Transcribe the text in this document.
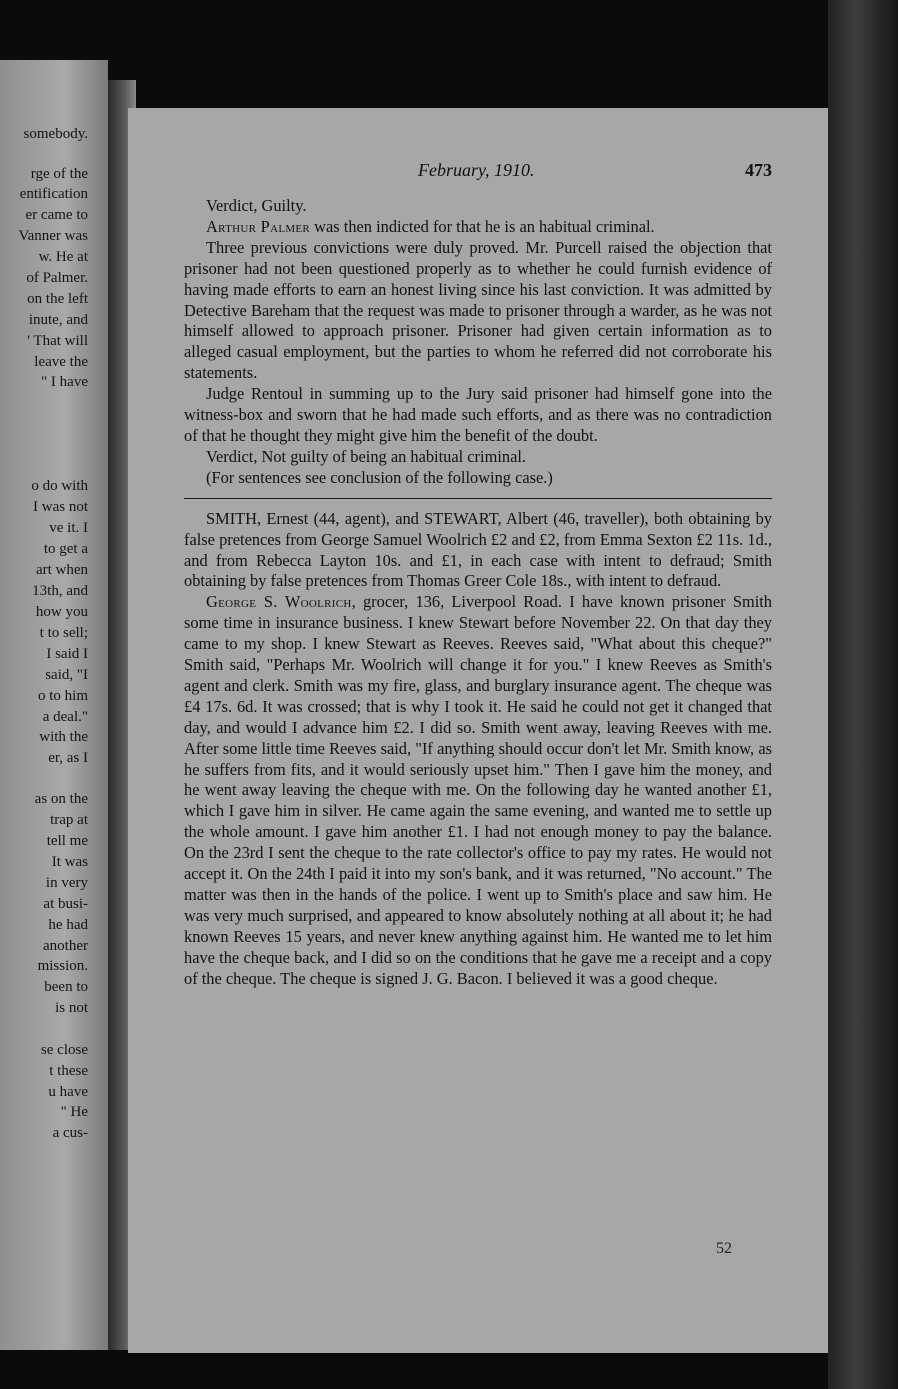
somebody.
rge of the
entification
er came to
Vanner was
w. He at
of Palmer.
on the left
inute, and
' That will
leave the
" I have
o do with
I was not
ve it. I
to get a
art when
13th, and
how you
t to sell;
I said I
said, "I
o to him
a deal."
with the
er, as I
as on the
trap at
tell me
It was
in very
at busi-
he had
another
mission.
been to
is not
se close
t these
u have
" He
a cus-
February, 1910.	473

Verdict, Guilty.

Arthur Palmer was then indicted for that he is an habitual criminal.

Three previous convictions were duly proved. Mr. Purcell raised the objection that prisoner had not been questioned properly as to whether he could furnish evidence of having made efforts to earn an honest living since his last conviction. It was admitted by Detective Bareham that the request was made to prisoner through a warder, as he was not himself allowed to approach prisoner. Prisoner had given certain information as to alleged casual employment, but the parties to whom he referred did not corroborate his statements.

Judge Rentoul in summing up to the Jury said prisoner had himself gone into the witness-box and sworn that he had made such efforts, and as there was no contradiction of that he thought they might give him the benefit of the doubt.

Verdict, Not guilty of being an habitual criminal.

(For sentences see conclusion of the following case.)

SMITH, Ernest (44, agent), and STEWART, Albert (46, traveller), both obtaining by false pretences from George Samuel Woolrich £2 and £2, from Emma Sexton £2 11s. 1d., and from Rebecca Layton 10s. and £1, in each case with intent to defraud; Smith obtaining by false pretences from Thomas Greer Cole 18s., with intent to defraud.

George S. Woolrich, grocer, 136, Liverpool Road. I have known prisoner Smith some time in insurance business. I knew Stewart before November 22. On that day they came to my shop. I knew Stewart as Reeves. Reeves said, "What about this cheque?" Smith said, "Perhaps Mr. Woolrich will change it for you." I knew Reeves as Smith's agent and clerk. Smith was my fire, glass, and burglary insurance agent. The cheque was £4 17s. 6d. It was crossed; that is why I took it. He said he could not get it changed that day, and would I advance him £2. I did so. Smith went away, leaving Reeves with me. After some little time Reeves said, "If anything should occur don't let Mr. Smith know, as he suffers from fits, and it would seriously upset him." Then I gave him the money, and he went away leaving the cheque with me. On the following day he wanted another £1, which I gave him in silver. He came again the same evening, and wanted me to settle up the whole amount. I gave him another £1. I had not enough money to pay the balance. On the 23rd I sent the cheque to the rate collector's office to pay my rates. He would not accept it. On the 24th I paid it into my son's bank, and it was returned, "No account." The matter was then in the hands of the police. I went up to Smith's place and saw him. He was very much surprised, and appeared to know absolutely nothing at all about it; he had known Reeves 15 years, and never knew anything against him. He wanted me to let him have the cheque back, and I did so on the conditions that he gave me a receipt and a copy of the cheque. The cheque is signed J. G. Bacon. I believed it was a good cheque.

52
